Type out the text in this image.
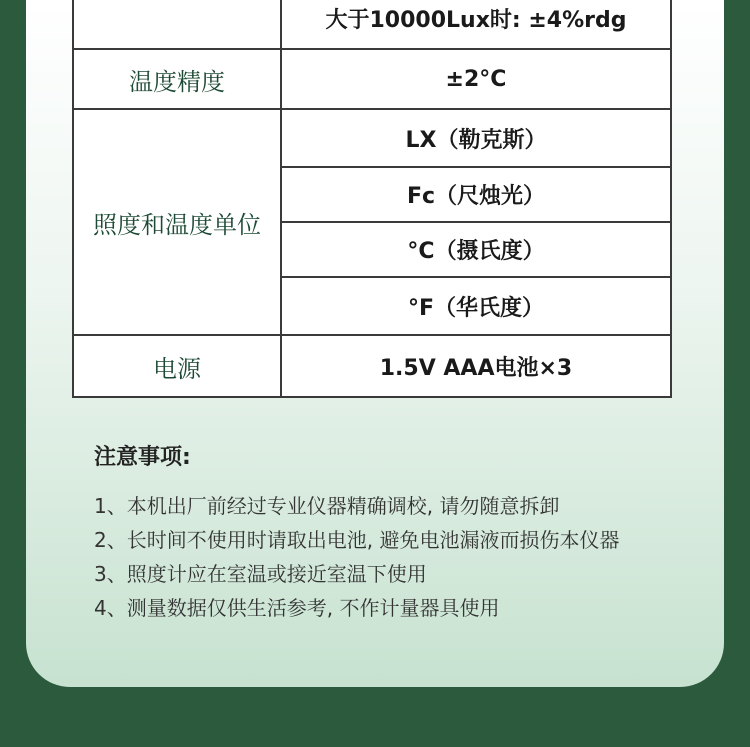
	大于10000Lux时: ±4%rdg
温度精度	±2°C
照度和温度单位	LX（勒克斯）
	Fc（尺烛光）
	°C（摄氏度）
	°F（华氏度）
电源	1.5V AAA电池×3
注意事项:
1、本机出厂前经过专业仪器精确调校, 请勿随意拆卸
2、长时间不使用时请取出电池, 避免电池漏液而损伤本仪器
3、照度计应在室温或接近室温下使用
4、测量数据仅供生活参考, 不作计量器具使用
